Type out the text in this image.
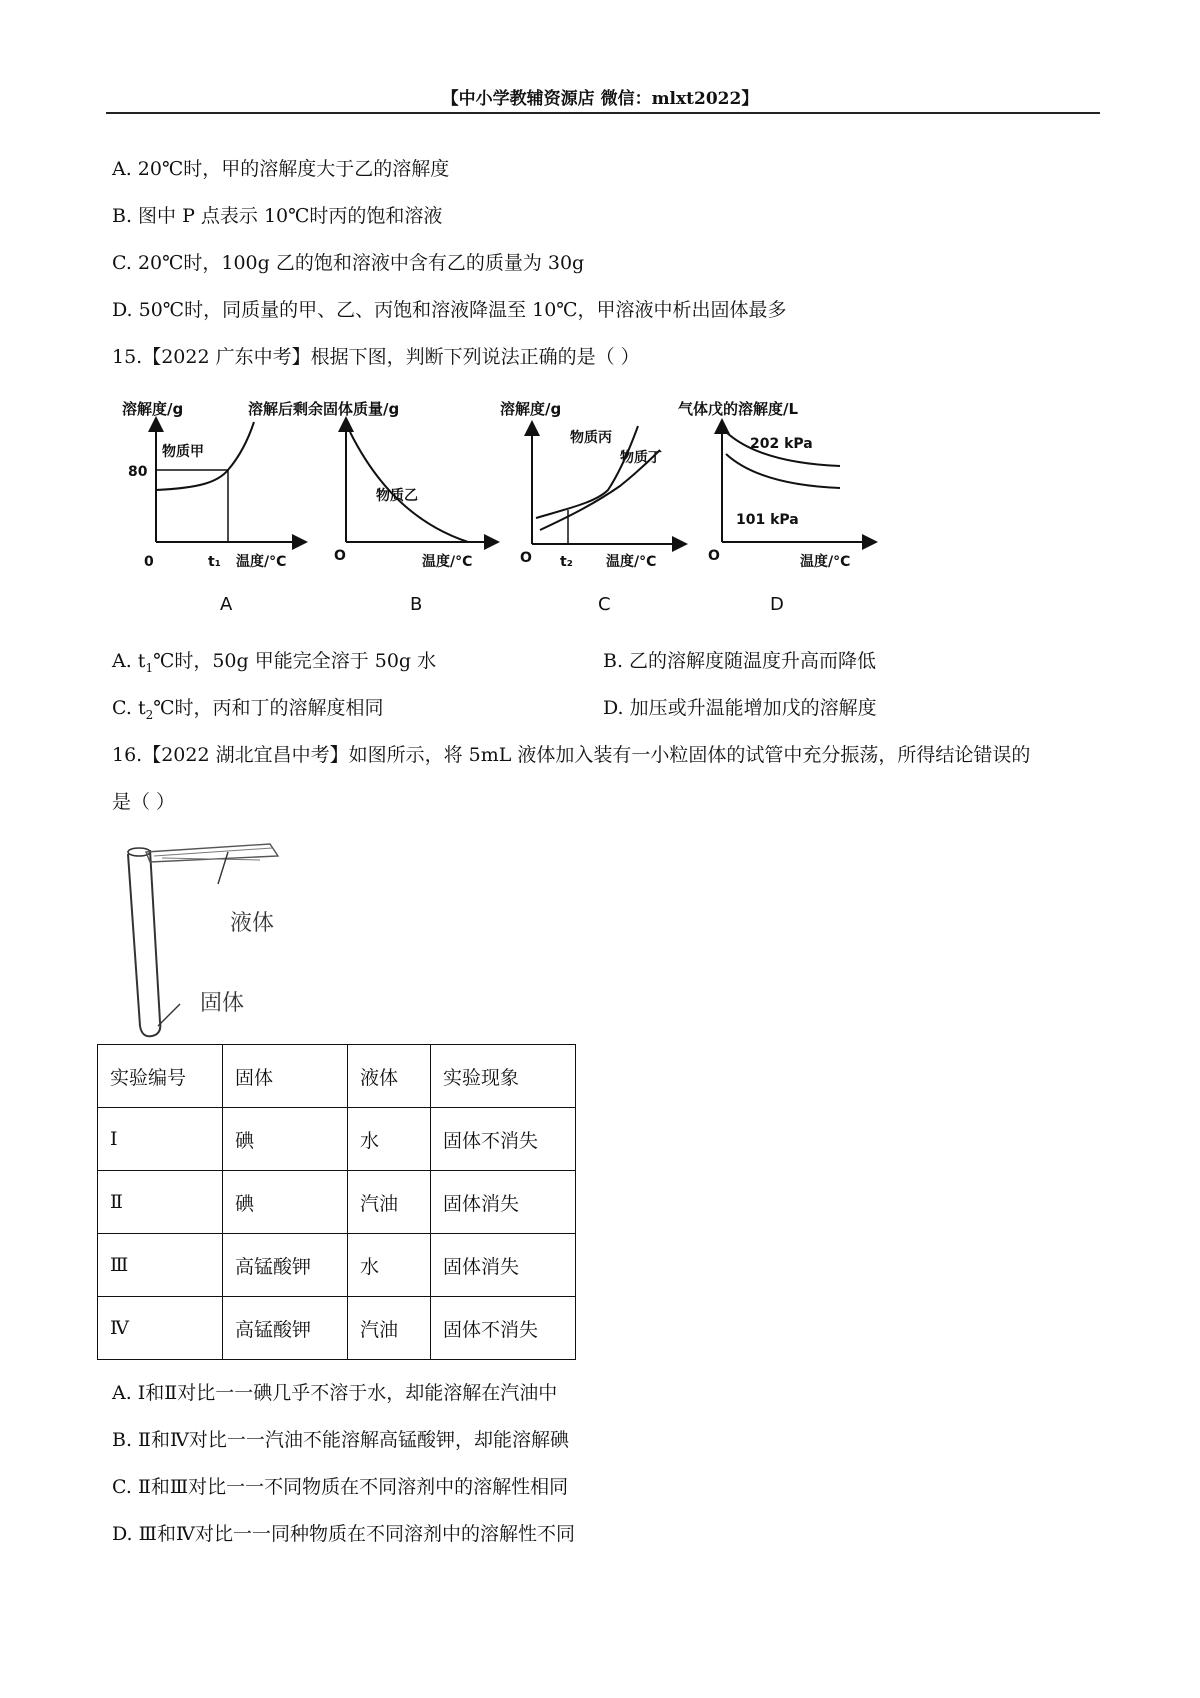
【中小学教辅资源店 微信：mlxt2022】
A. 20℃时，甲的溶解度大于乙的溶解度
B. 图中 P 点表示 10℃时丙的饱和溶液
C. 20℃时，100g 乙的饱和溶液中含有乙的质量为 30g
D. 50℃时，同质量的甲、乙、丙饱和溶液降温至 10℃，甲溶液中析出固体最多
15.【2022 广东中考】根据下图，判断下列说法正确的是（ ）
溶解度/g
物质甲
80
0	t₁ 温度/°C
A
溶解后剩余固体质量/g
物质乙
O	温度/°C
B
溶解度/g
物质丙
物质丁
O t₂ 温度/°C
C
气体戊的溶解度/L
202 kPa
101 kPa
O	温度/°C
D
A. $t_1℃$时，50g 甲能完全溶于 50g 水	B. 乙的溶解度随温度升高而降低
C. $t_2℃$时，丙和丁的溶解度相同	D. 加压或升温能增加戊的溶解度
16.【2022 湖北宜昌中考】如图所示，将 5mL 液体加入装有一小粒固体的试管中充分振荡，所得结论错误的
是（ ）
液体
固体
实验编号	固体	液体	实验现象
Ⅰ	碘	水	固体不消失
Ⅱ	碘	汽油	固体消失
Ⅲ	高锰酸钾	水	固体消失
Ⅳ	高锰酸钾	汽油	固体不消失
A. Ⅰ和Ⅱ对比一一碘几乎不溶于水，却能溶解在汽油中
B. Ⅱ和Ⅳ对比一一汽油不能溶解高锰酸钾，却能溶解碘
C. Ⅱ和Ⅲ对比一一不同物质在不同溶剂中的溶解性相同
D. Ⅲ和Ⅳ对比一一同种物质在不同溶剂中的溶解性不同
